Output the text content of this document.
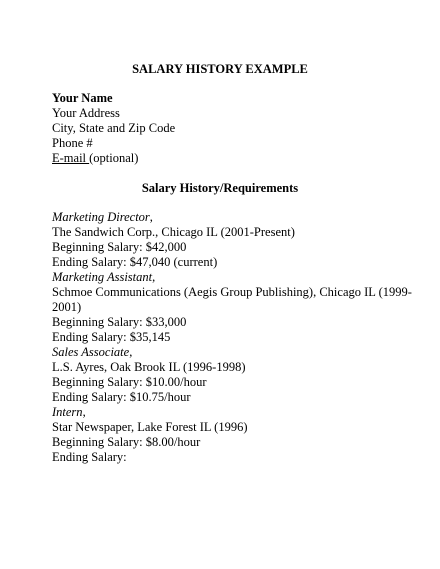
SALARY HISTORY EXAMPLE
Your Name
Your Address
City, State and Zip Code
Phone #
E-mail (optional)
Salary History/Requirements
Marketing Director,
The Sandwich Corp., Chicago IL (2001-Present)
Beginning Salary: $42,000
Ending Salary: $47,040 (current)
Marketing Assistant,
Schmoe Communications (Aegis Group Publishing), Chicago IL (1999-2001)
Beginning Salary: $33,000
Ending Salary: $35,145
Sales Associate,
L.S. Ayres, Oak Brook IL (1996-1998)
Beginning Salary: $10.00/hour
Ending Salary: $10.75/hour
Intern,
Star Newspaper, Lake Forest IL (1996)
Beginning Salary: $8.00/hour
Ending Salary:
